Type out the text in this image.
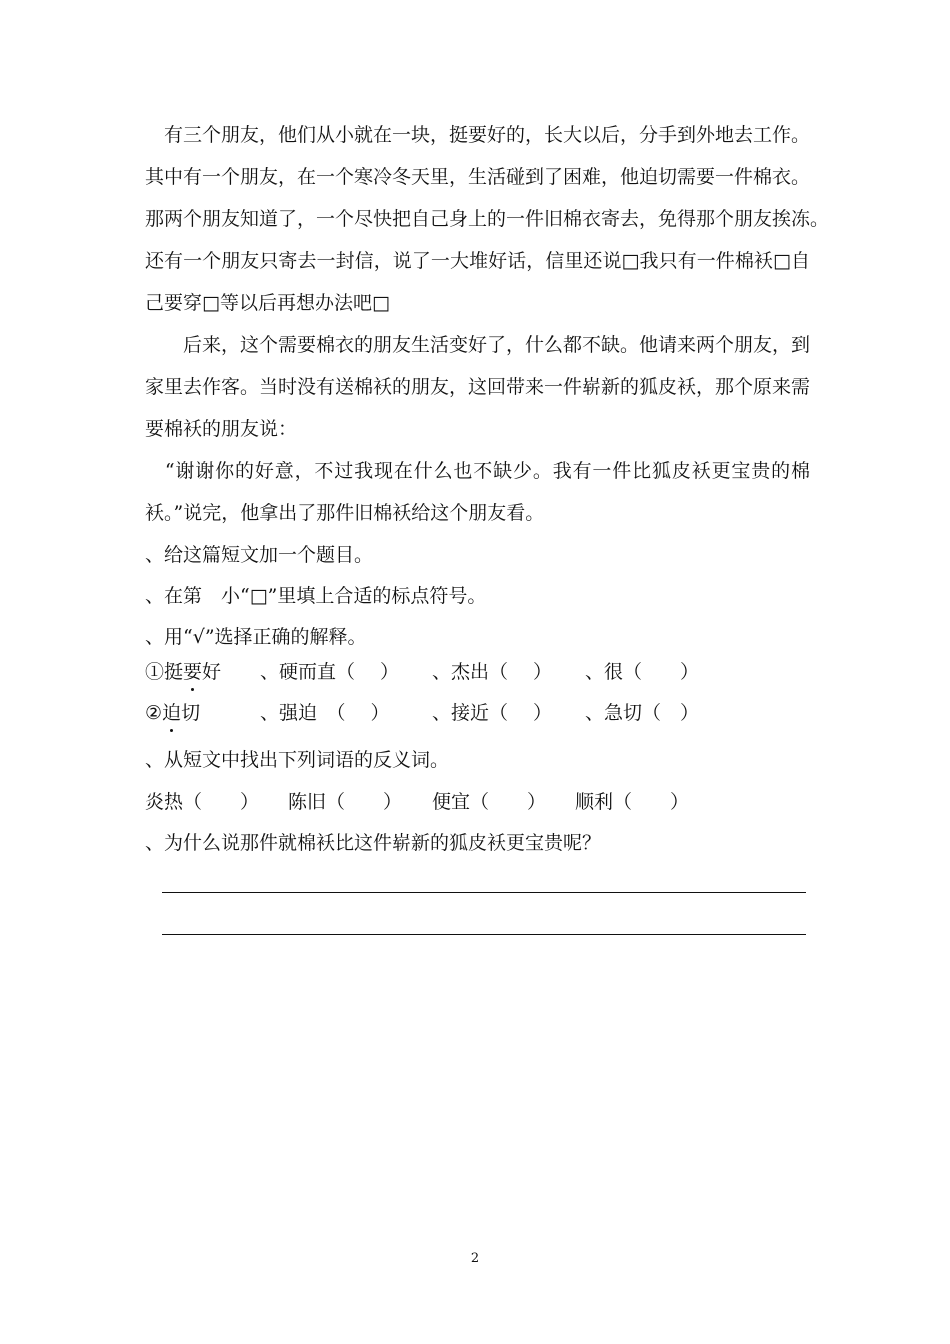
　有三个朋友，他们从小就在一块，挺要好的，长大以后，分手到外地去工作。
其中有一个朋友，在一个寒冷冬天里，生活碰到了困难，他迫切需要一件棉衣。
那两个朋友知道了，一个尽快把自己身上的一件旧棉衣寄去，免得那个朋友挨冻。
还有一个朋友只寄去一封信，说了一大堆好话，信里还说□我只有一件棉袄□自
己要穿□等以后再想办法吧□
　　后来，这个需要棉衣的朋友生活变好了，什么都不缺。他请来两个朋友，到
家里去作客。当时没有送棉袄的朋友，这回带来一件崭新的狐皮袄，那个原来需
要棉袄的朋友说：
　“谢谢你的好意，不过我现在什么也不缺少。我有一件比狐皮袄更宝贵的棉
袄。”说完，他拿出了那件旧棉袄给这个朋友看。
、给这篇短文加一个题目。
、在第　小“□”里填上合适的标点符号。
、用“√”选择正确的解释。
①挺要好 、硬而直（　 ） 、杰出（　 ） 、很（　　）
②迫切	、强迫　（　 ） 、接近（　 ） 、急切（　）
、从短文中找出下列词语的反义词。
炎热（　　） 陈旧（　　） 便宜（　　） 顺利（　　）
、为什么说那件就棉袄比这件崭新的狐皮袄更宝贵呢？
2
